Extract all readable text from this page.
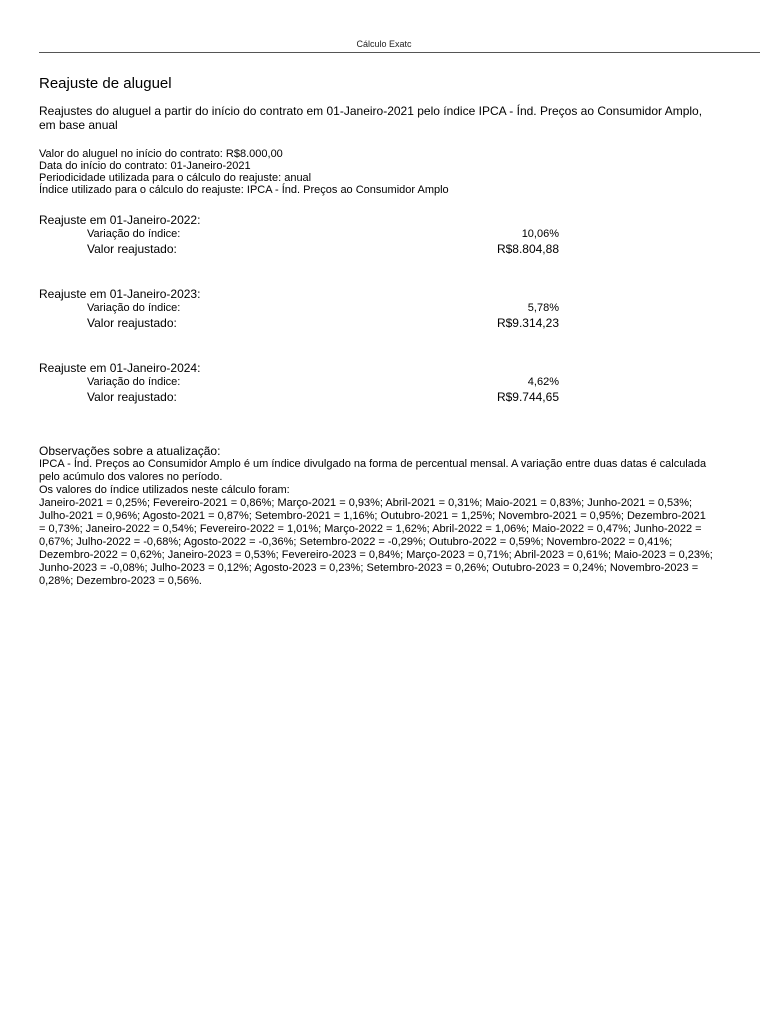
Cálculo Exatc
Reajuste de aluguel
Reajustes do aluguel a partir do início do contrato em 01-Janeiro-2021 pelo índice IPCA - Índ. Preços ao Consumidor Amplo, em base anual
Valor do aluguel no início do contrato: R$8.000,00
Data do início do contrato: 01-Janeiro-2021
Periodicidade utilizada para o cálculo do reajuste: anual
Índice utilizado para o cálculo do reajuste: IPCA - Índ. Preços ao Consumidor Amplo
Reajuste em 01-Janeiro-2022:
Variação do índice:	10,06%
Valor reajustado:	R$8.804,88
Reajuste em 01-Janeiro-2023:
Variação do índice:	5,78%
Valor reajustado:	R$9.314,23
Reajuste em 01-Janeiro-2024:
Variação do índice:	4,62%
Valor reajustado:	R$9.744,65
Observações sobre a atualização:

IPCA - Índ. Preços ao Consumidor Amplo é um índice divulgado na forma de percentual mensal. A variação entre duas datas é calculada pelo acúmulo dos valores no período.

Os valores do índice utilizados neste cálculo foram:

Janeiro-2021 = 0,25%; Fevereiro-2021 = 0,86%; Março-2021 = 0,93%; Abril-2021 = 0,31%; Maio-2021 = 0,83%; Junho-2021 = 0,53%; Julho-2021 = 0,96%; Agosto-2021 = 0,87%; Setembro-2021 = 1,16%; Outubro-2021 = 1,25%; Novembro-2021 = 0,95%; Dezembro-2021 = 0,73%; Janeiro-2022 = 0,54%; Fevereiro-2022 = 1,01%; Março-2022 = 1,62%; Abril-2022 = 1,06%; Maio-2022 = 0,47%; Junho-2022 = 0,67%; Julho-2022 = -0,68%; Agosto-2022 = -0,36%; Setembro-2022 = -0,29%; Outubro-2022 = 0,59%; Novembro-2022 = 0,41%; Dezembro-2022 = 0,62%; Janeiro-2023 = 0,53%; Fevereiro-2023 = 0,84%; Março-2023 = 0,71%; Abril-2023 = 0,61%; Maio-2023 = 0,23%; Junho-2023 = -0,08%; Julho-2023 = 0,12%; Agosto-2023 = 0,23%; Setembro-2023 = 0,26%; Outubro-2023 = 0,24%; Novembro-2023 = 0,28%; Dezembro-2023 = 0,56%.
